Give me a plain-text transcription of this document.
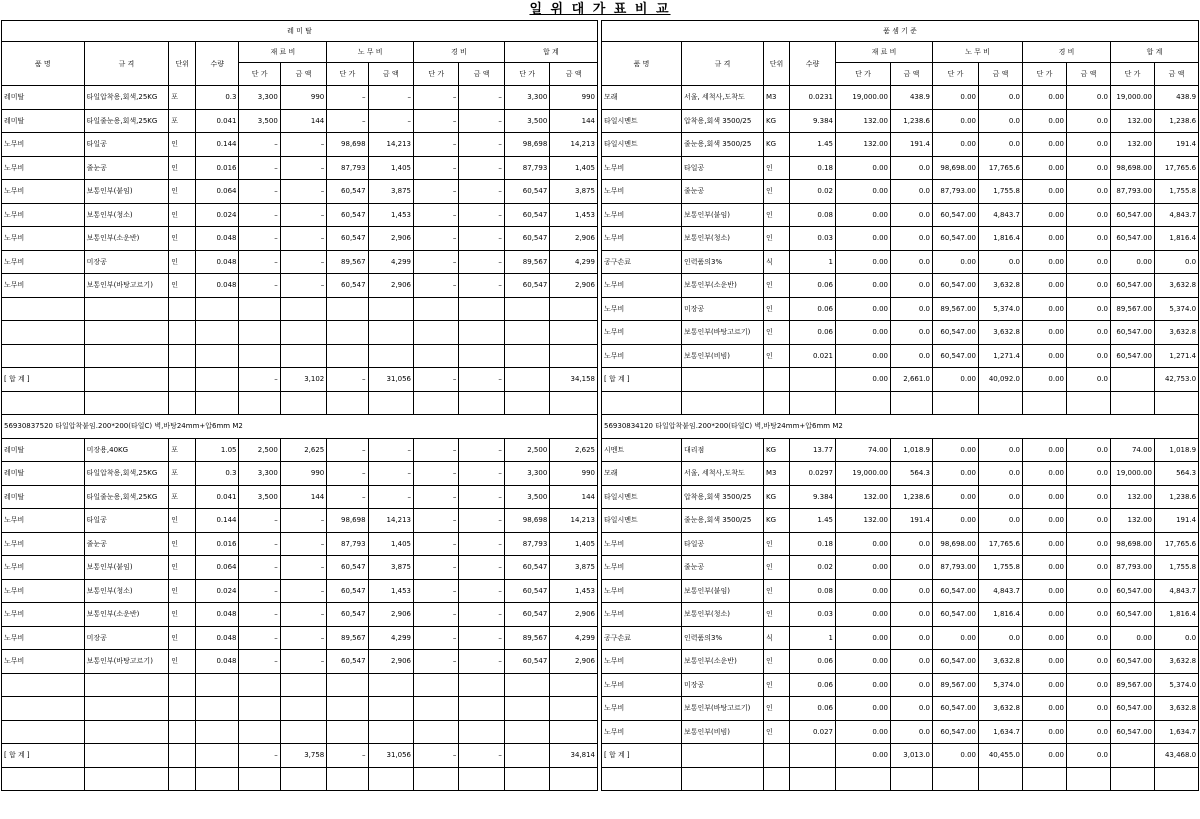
일 위 대 가 표 비 교
레 미 탈											
품 명	규 격	단위	수량	재 료 비		노 무 비		경 비		합 계	
				단 가	금 액	단 가	금 액	단 가	금 액	단 가	금 액
레미탈	타일압착용,회색,25KG	포	0.3	3,300	990	–	–	–	–	3,300	990
레미탈	타일줄눈용,회색,25KG	포	0.041	3,500	144	–	–	–	–	3,500	144
노무비	타일공	인	0.144	–	–	98,698	14,213	–	–	98,698	14,213
노무비	줄눈공	인	0.016	–	–	87,793	1,405	–	–	87,793	1,405
노무비	보통인부(붙임)	인	0.064	–	–	60,547	3,875	–	–	60,547	3,875
노무비	보통인부(청소)	인	0.024	–	–	60,547	1,453	–	–	60,547	1,453
노무비	보통인부(소운반)	인	0.048	–	–	60,547	2,906	–	–	60,547	2,906
노무비	미장공	인	0.048	–	–	89,567	4,299	–	–	89,567	4,299
노무비	보통인부(바탕고르기)	인	0.048	–	–	60,547	2,906	–	–	60,547	2,906

[ 합 계 ]				–	3,102	–	31,056	–	–		34,158

56930837520 타일압착붙임.200*200(타일C) 벽,바탕24mm+압6mm M2											
레미탈	미장용,40KG	포	1.05	2,500	2,625	–	–	–	–	2,500	2,625
레미탈	타일압착용,회색,25KG	포	0.3	3,300	990	–	–	–	–	3,300	990
레미탈	타일줄눈용,회색,25KG	포	0.041	3,500	144	–	–	–	–	3,500	144
노무비	타일공	인	0.144	–	–	98,698	14,213	–	–	98,698	14,213
노무비	줄눈공	인	0.016	–	–	87,793	1,405	–	–	87,793	1,405
노무비	보통인부(붙임)	인	0.064	–	–	60,547	3,875	–	–	60,547	3,875
노무비	보통인부(청소)	인	0.024	–	–	60,547	1,453	–	–	60,547	1,453
노무비	보통인부(소운반)	인	0.048	–	–	60,547	2,906	–	–	60,547	2,906
노무비	미장공	인	0.048	–	–	89,567	4,299	–	–	89,567	4,299
노무비	보통인부(바탕고르기)	인	0.048	–	–	60,547	2,906	–	–	60,547	2,906

[ 합 계 ]				–	3,758	–	31,056	–	–		34,814

품 셈 기 준											
품 명	규 격	단위	수량	재 료 비		노 무 비		경 비		합 계	
				단 가	금 액	단 가	금 액	단 가	금 액	단 가	금 액
모래	서울, 세척사,도착도	M3	0.0231	19,000.00	438.9	0.00	0.0	0.00	0.0	19,000.00	438.9
타일시멘트	압착용,회색 3500/25	KG	9.384	132.00	1,238.6	0.00	0.0	0.00	0.0	132.00	1,238.6
타일시멘트	줄눈용,회색 3500/25	KG	1.45	132.00	191.4	0.00	0.0	0.00	0.0	132.00	191.4
노무비	타일공	인	0.18	0.00	0.0	98,698.00	17,765.6	0.00	0.0	98,698.00	17,765.6
노무비	줄눈공	인	0.02	0.00	0.0	87,793.00	1,755.8	0.00	0.0	87,793.00	1,755.8
노무비	보통인부(붙임)	인	0.08	0.00	0.0	60,547.00	4,843.7	0.00	0.0	60,547.00	4,843.7
노무비	보통인부(청소)	인	0.03	0.00	0.0	60,547.00	1,816.4	0.00	0.0	60,547.00	1,816.4
공구손료	인력품의3%	식	1	0.00	0.0	0.00	0.0	0.00	0.0	0.00	0.0
노무비	보통인부(소운반)	인	0.06	0.00	0.0	60,547.00	3,632.8	0.00	0.0	60,547.00	3,632.8
노무비	미장공	인	0.06	0.00	0.0	89,567.00	5,374.0	0.00	0.0	89,567.00	5,374.0
노무비	보통인부(바탕고르기)	인	0.06	0.00	0.0	60,547.00	3,632.8	0.00	0.0	60,547.00	3,632.8
노무비	보통인부(비빔)	인	0.021	0.00	0.0	60,547.00	1,271.4	0.00	0.0	60,547.00	1,271.4
[ 합 계 ]				0.00	2,661.0	0.00	40,092.0	0.00	0.0		42,753.0

56930834120 타일압착붙임.200*200(타일C) 벽,바탕24mm+압6mm M2											
시멘트	대리점	KG	13.77	74.00	1,018.9	0.00	0.0	0.00	0.0	74.00	1,018.9
모래	서울, 세척사,도착도	M3	0.0297	19,000.00	564.3	0.00	0.0	0.00	0.0	19,000.00	564.3
타일시멘트	압착용,회색 3500/25	KG	9.384	132.00	1,238.6	0.00	0.0	0.00	0.0	132.00	1,238.6
타일시멘트	줄눈용,회색 3500/25	KG	1.45	132.00	191.4	0.00	0.0	0.00	0.0	132.00	191.4
노무비	타일공	인	0.18	0.00	0.0	98,698.00	17,765.6	0.00	0.0	98,698.00	17,765.6
노무비	줄눈공	인	0.02	0.00	0.0	87,793.00	1,755.8	0.00	0.0	87,793.00	1,755.8
노무비	보통인부(붙임)	인	0.08	0.00	0.0	60,547.00	4,843.7	0.00	0.0	60,547.00	4,843.7
노무비	보통인부(청소)	인	0.03	0.00	0.0	60,547.00	1,816.4	0.00	0.0	60,547.00	1,816.4
공구손료	인력품의3%	식	1	0.00	0.0	0.00	0.0	0.00	0.0	0.00	0.0
노무비	보통인부(소운반)	인	0.06	0.00	0.0	60,547.00	3,632.8	0.00	0.0	60,547.00	3,632.8
노무비	미장공	인	0.06	0.00	0.0	89,567.00	5,374.0	0.00	0.0	89,567.00	5,374.0
노무비	보통인부(바탕고르기)	인	0.06	0.00	0.0	60,547.00	3,632.8	0.00	0.0	60,547.00	3,632.8
노무비	보통인부(비빔)	인	0.027	0.00	0.0	60,547.00	1,634.7	0.00	0.0	60,547.00	1,634.7
[ 합 계 ]				0.00	3,013.0	0.00	40,455.0	0.00	0.0		43,468.0
